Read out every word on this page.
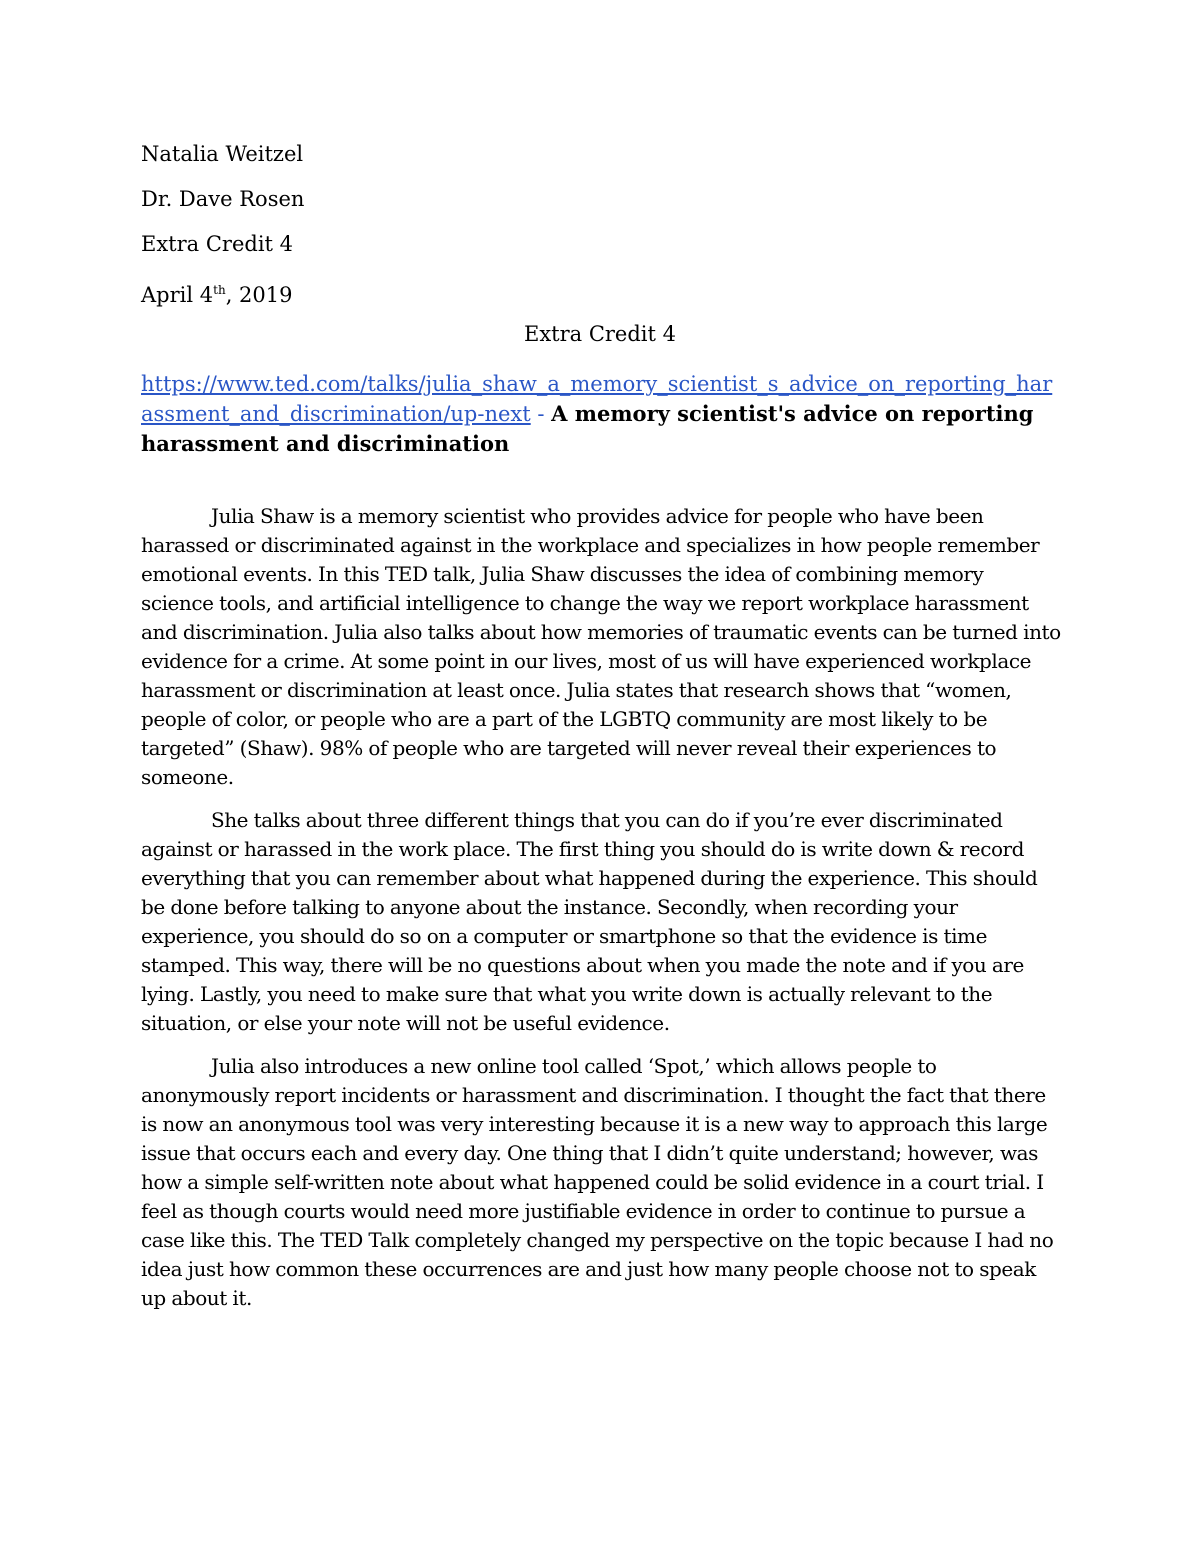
Natalia Weitzel
Dr. Dave Rosen
Extra Credit 4
April 4th, 2019
Extra Credit 4
https://www.ted.com/talks/julia_shaw_a_memory_scientist_s_advice_on_reporting_harassment_and_discrimination/up-next - A memory scientist's advice on reporting harassment and discrimination

Julia Shaw is a memory scientist who provides advice for people who have been harassed or discriminated against in the workplace and specializes in how people remember emotional events. In this TED talk, Julia Shaw discusses the idea of combining memory science tools, and artificial intelligence to change the way we report workplace harassment and discrimination. Julia also talks about how memories of traumatic events can be turned into evidence for a crime. At some point in our lives, most of us will have experienced workplace harassment or discrimination at least once. Julia states that research shows that “women, people of color, or people who are a part of the LGBTQ community are most likely to be targeted” (Shaw). 98% of people who are targeted will never reveal their experiences to someone.

She talks about three different things that you can do if you’re ever discriminated against or harassed in the work place. The first thing you should do is write down & record everything that you can remember about what happened during the experience. This should be done before talking to anyone about the instance. Secondly, when recording your experience, you should do so on a computer or smartphone so that the evidence is time stamped. This way, there will be no questions about when you made the note and if you are lying. Lastly, you need to make sure that what you write down is actually relevant to the situation, or else your note will not be useful evidence.

Julia also introduces a new online tool called ‘Spot,’ which allows people to anonymously report incidents or harassment and discrimination. I thought the fact that there is now an anonymous tool was very interesting because it is a new way to approach this large issue that occurs each and every day. One thing that I didn’t quite understand; however, was how a simple self-written note about what happened could be solid evidence in a court trial. I feel as though courts would need more justifiable evidence in order to continue to pursue a case like this. The TED Talk completely changed my perspective on the topic because I had no idea just how common these occurrences are and just how many people choose not to speak up about it.
